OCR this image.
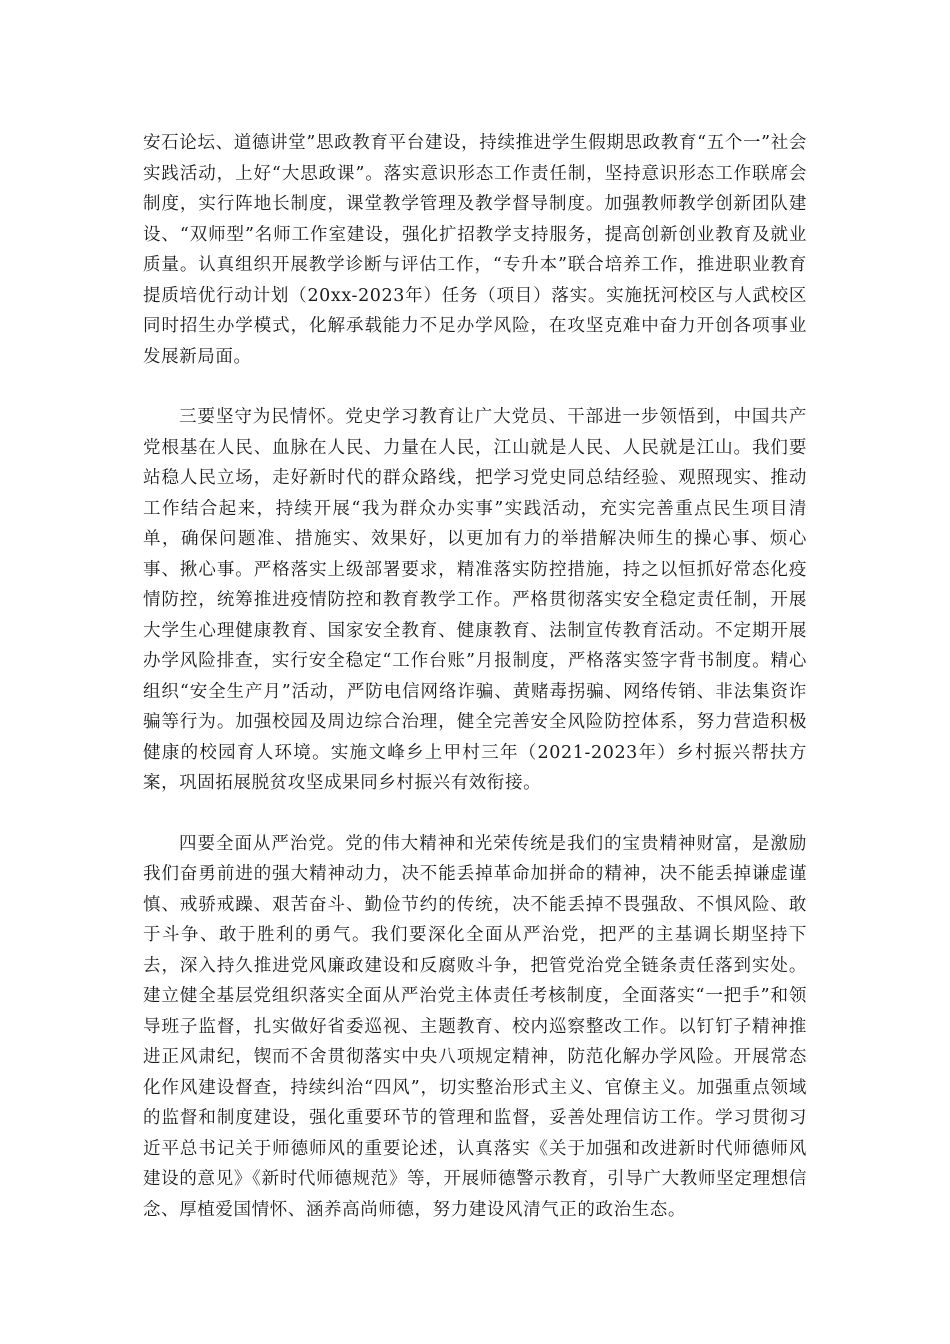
安石论坛、道德讲堂”思政教育平台建设，持续推进学生假期思政教育“五个一”社会实践活动，上好“大思政课”。落实意识形态工作责任制，坚持意识形态工作联席会制度，实行阵地长制度，课堂教学管理及教学督导制度。加强教师教学创新团队建设、“双师型”名师工作室建设，强化扩招教学支持服务，提高创新创业教育及就业质量。认真组织开展教学诊断与评估工作，“专升本”联合培养工作，推进职业教育提质培优行动计划（20xx-2023年）任务（项目）落实。实施抚河校区与人武校区同时招生办学模式，化解承载能力不足办学风险，在攻坚克难中奋力开创各项事业发展新局面。

三要坚守为民情怀。党史学习教育让广大党员、干部进一步领悟到，中国共产党根基在人民、血脉在人民、力量在人民，江山就是人民、人民就是江山。我们要站稳人民立场，走好新时代的群众路线，把学习党史同总结经验、观照现实、推动工作结合起来，持续开展“我为群众办实事”实践活动，充实完善重点民生项目清单，确保问题准、措施实、效果好，以更加有力的举措解决师生的操心事、烦心事、揪心事。严格落实上级部署要求，精准落实防控措施，持之以恒抓好常态化疫情防控，统筹推进疫情防控和教育教学工作。严格贯彻落实安全稳定责任制，开展大学生心理健康教育、国家安全教育、健康教育、法制宣传教育活动。不定期开展办学风险排查，实行安全稳定“工作台账”月报制度，严格落实签字背书制度。精心组织“安全生产月”活动，严防电信网络诈骗、黄赌毒拐骗、网络传销、非法集资诈骗等行为。加强校园及周边综合治理，健全完善安全风险防控体系，努力营造积极健康的校园育人环境。实施文峰乡上甲村三年（2021-2023年）乡村振兴帮扶方案，巩固拓展脱贫攻坚成果同乡村振兴有效衔接。

四要全面从严治党。党的伟大精神和光荣传统是我们的宝贵精神财富，是激励我们奋勇前进的强大精神动力，决不能丢掉革命加拼命的精神，决不能丢掉谦虚谨慎、戒骄戒躁、艰苦奋斗、勤俭节约的传统，决不能丢掉不畏强敌、不惧风险、敢于斗争、敢于胜利的勇气。我们要深化全面从严治党，把严的主基调长期坚持下去，深入持久推进党风廉政建设和反腐败斗争，把管党治党全链条责任落到实处。建立健全基层党组织落实全面从严治党主体责任考核制度，全面落实“一把手”和领导班子监督，扎实做好省委巡视、主题教育、校内巡察整改工作。以钉钉子精神推进正风肃纪，锲而不舍贯彻落实中央八项规定精神，防范化解办学风险。开展常态化作风建设督查，持续纠治“四风”，切实整治形式主义、官僚主义。加强重点领域的监督和制度建设，强化重要环节的管理和监督，妥善处理信访工作。学习贯彻习近平总书记关于师德师风的重要论述，认真落实《关于加强和改进新时代师德师风建设的意见》《新时代师德规范》等，开展师德警示教育，引导广大教师坚定理想信念、厚植爱国情怀、涵养高尚师德，努力建设风清气正的政治生态。
